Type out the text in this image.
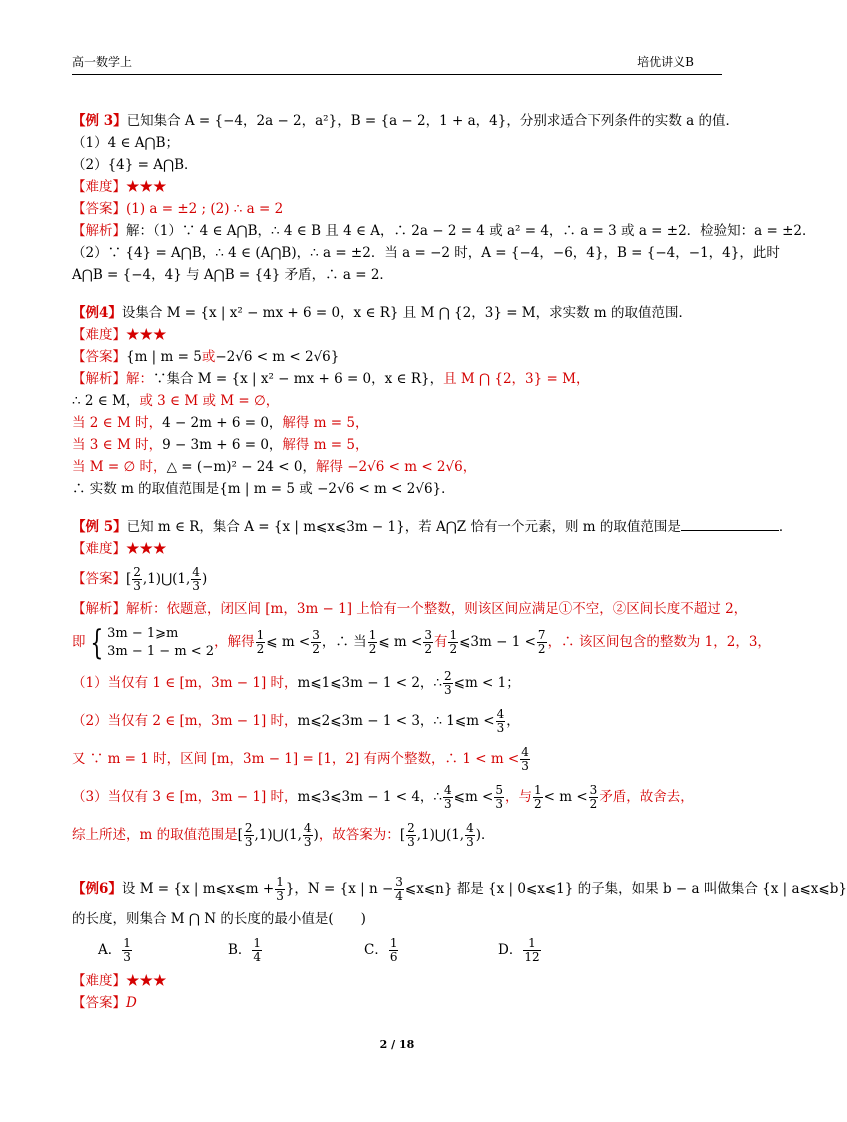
高一数学上	培优讲义B
【例 3】已知集合 A = {−4，2a − 2，a²}，B = {a − 2，1 + a，4}，分别求适合下列条件的实数 a 的值．
（1）4 ∈ A⋂B；
（2）{4} = A⋂B．
【难度】★★★
【答案】(1) a = ±2 ; (2) ∴ a = 2
【解析】解：（1）∵ 4 ∈ A⋂B，∴ 4 ∈ B 且 4 ∈ A，∴ 2a − 2 = 4 或 a² = 4，∴ a = 3 或 a = ±2．检验知：a = ±2．
（2）∵ {4} = A⋂B，∴ 4 ∈ (A⋂B)，∴ a = ±2．当 a = −2 时，A = {−4，−6，4}，B = {−4，−1，4}，此时
A⋂B = {−4，4} 与 A⋂B = {4} 矛盾，∴ a = 2．
【例4】设集合 M = {x | x² − mx + 6 = 0，x ∈ R} 且 M ⋂ {2，3} = M，求实数 m 的取值范围．
【难度】★★★
【答案】{m | m = 5或−2√6 < m < 2√6}
【解析】解：∵集合 M = {x | x² − mx + 6 = 0，x ∈ R}，且 M ⋂ {2，3} = M，
∴ 2 ∈ M，或 3 ∈ M 或 M = ∅，
当 2 ∈ M 时，4 − 2m + 6 = 0，解得 m = 5，
当 3 ∈ M 时，9 − 3m + 6 = 0，解得 m = 5，
当 M = ∅ 时，△ = (−m)² − 24 < 0，解得 −2√6 < m < 2√6，
∴ 实数 m 的取值范围是{m | m = 5 或 −2√6 < m < 2√6}．
【例 5】已知 m ∈ R，集合 A = {x | m⩽x⩽3m − 1}，若 A⋂Z 恰有一个元素，则 m 的取值范围是	．
【难度】★★★
【答案】[ $\frac{2}{3}$ ,1)⋃(1, $\frac{4}{3}$ )
【解析】解析：依题意，闭区间 [m，3m − 1] 上恰有一个整数，则该区间应满足①不空，②区间长度不超过 2，
即 { 3m − 1⩾m
3m − 1 − m < 2
，解得 $\frac{1}{2}$ ⩽ $m < \frac{3}{2}$ ，∴ 当 $\frac{1}{2}$ ⩽ $m < \frac{3}{2}$ 有 $\frac{1}{2}$ ⩽3m − $1 < \frac{7}{2}$ ，∴ 该区间包含的整数为 1，2，3，
（1）当仅有 1 ∈ [m，3m − 1] 时，m⩽1⩽3m − 1 < 2，∴ $\frac{2}{3}$ ⩽m < 1；
（2）当仅有 2 ∈ [m，3m − 1] 时，m⩽2⩽3m − 1 < 3，∴ 1⩽m < $\frac{4}{3}$ ，
又 ∵ m = 1 时，区间 [m，3m − 1] = [1，2] 有两个整数，∴ $1 < m < \frac{4}{3}$
（3）当仅有 3 ∈ [m，3m − 1] 时，m⩽3⩽3m − 1 < 4，∴ $\frac{4}{3}$ ⩽m < $\frac{5}{3}$ ，与 $\frac{1}{2} < m < \frac{3}{2}$ 矛盾，故舍去，
综上所述，m 的取值范围是[ $\frac{2}{3}$ ,1)⋃(1, $\frac{4}{3}$ )，故答案为：[ $\frac{2}{3}$ ,1)⋃(1, $\frac{4}{3}$ )．
【例6】设 M = {x | m⩽x⩽m + $\frac{1}{3}$ }，N = {x | $n - \frac{3}{4}$ ⩽x⩽n} 都是 {x | 0⩽x⩽1} 的子集，如果 b − a 叫做集合 {x | a⩽x⩽b}
的长度，则集合 M ⋂ N 的长度的最小值是(　　)
A． $\frac{1}{3}$	B． $\frac{1}{4}$	C． $\frac{1}{6}$	D． $\frac{1}{12}$
【难度】★★★
【答案】D
2 / 18
